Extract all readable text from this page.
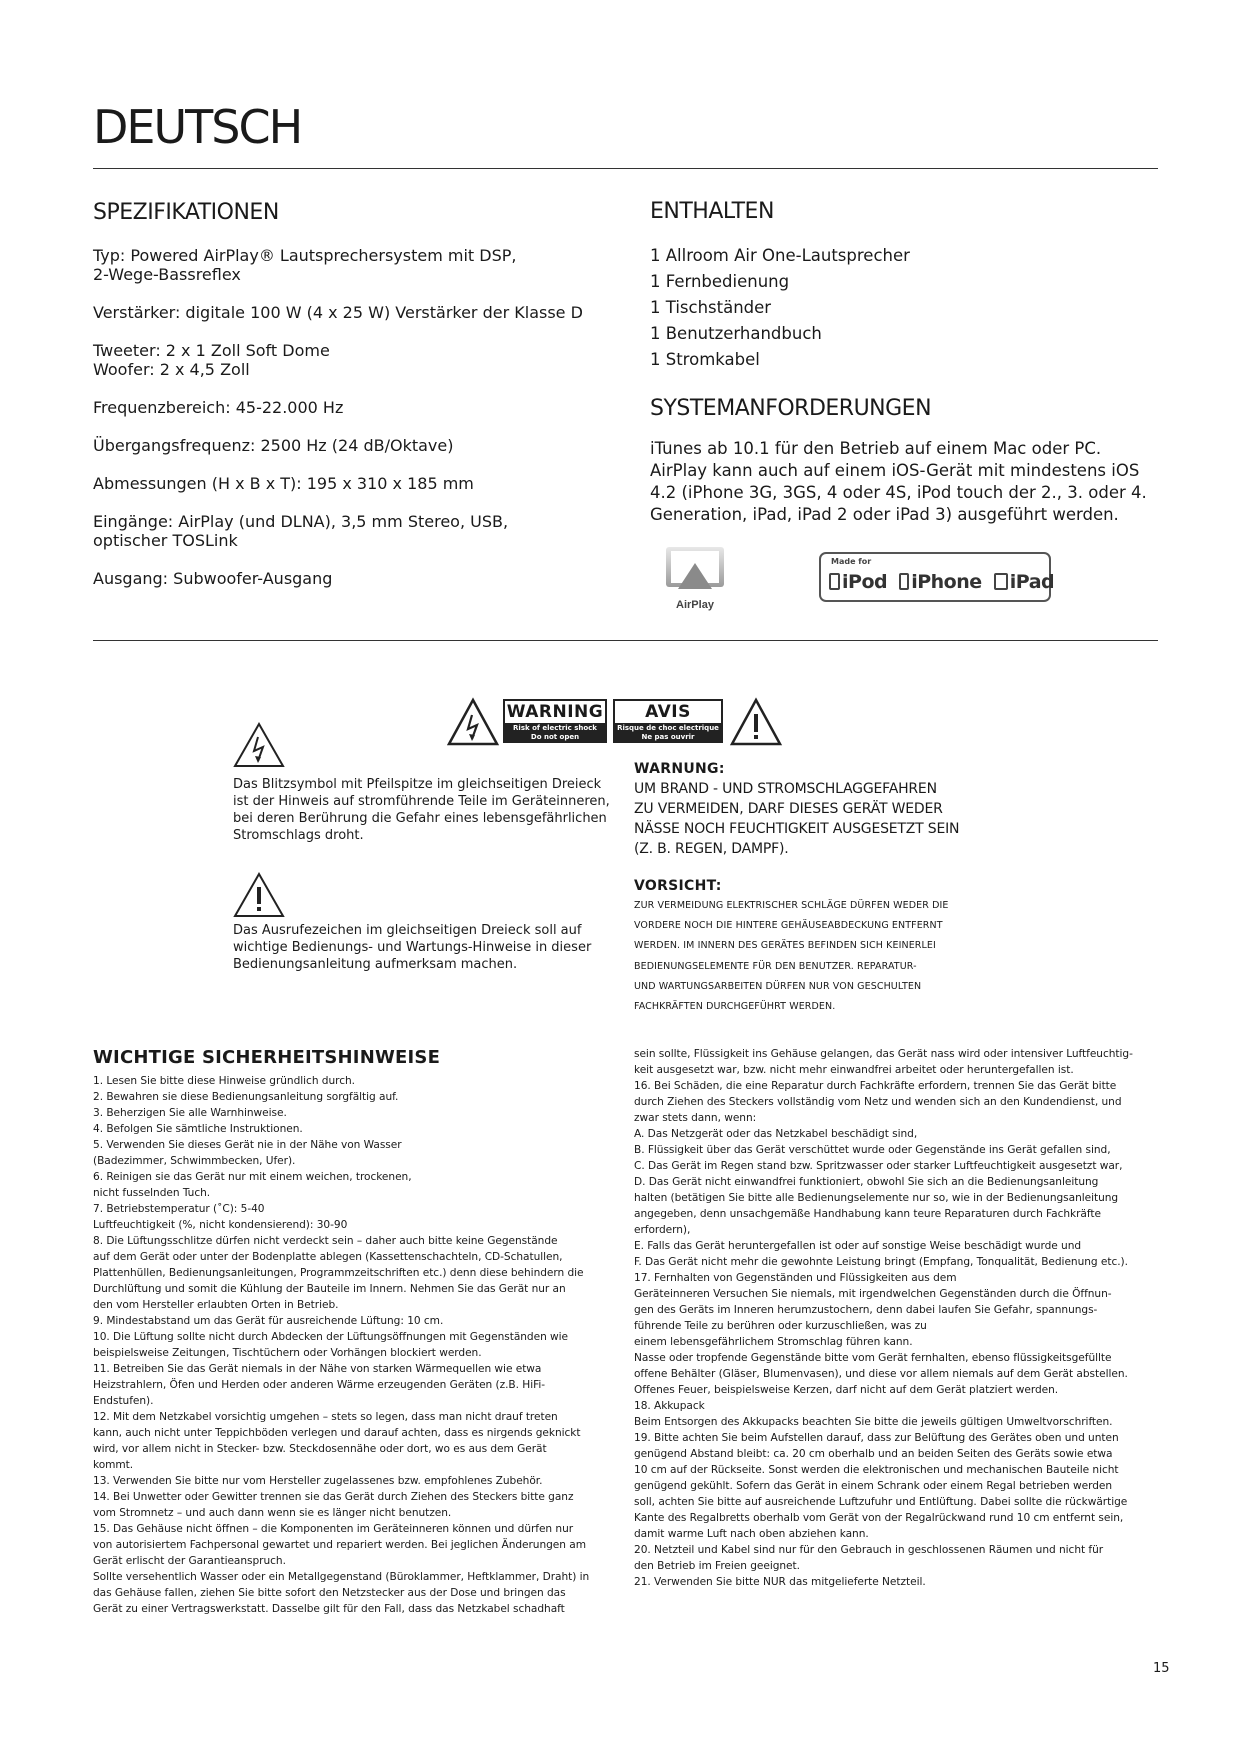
DEUTSCH
SPEZIFIKATIONEN

Typ: Powered AirPlay® Lautsprechersystem mit DSP,
2-Wege-Bassreflex

Verstärker: digitale 100 W (4 x 25 W) Verstärker der Klasse D

Tweeter: 2 x 1 Zoll Soft Dome
Woofer: 2 x 4,5 Zoll

Frequenzbereich: 45-22.000 Hz

Übergangsfrequenz: 2500 Hz (24 dB/Oktave)

Abmessungen (H x B x T): 195 x 310 x 185 mm

Eingänge: AirPlay (und DLNA), 3,5 mm Stereo, USB,
optischer TOSLink

Ausgang: Subwoofer-Ausgang

ENTHALTEN
1 Allroom Air One-Lautsprecher
1 Fernbedienung
1 Tischständer
1 Benutzerhandbuch
1 Stromkabel
SYSTEMANFORDERUNGEN
iTunes ab 10.1 für den Betrieb auf einem Mac oder PC. AirPlay kann auch auf einem iOS-Gerät mit mindestens iOS 4.2 (iPhone 3G, 3GS, 4 oder 4S, iPod touch der 2., 3. oder 4. Generation, iPad, iPad 2 oder iPad 3) ausgeführt werden.
AirPlay
Made for
iPod iPhone iPad
WARNING
Risk of electric shock
Do not open
AVIS
Risque de choc electrique
Ne pas ouvrir
Das Blitzsymbol mit Pfeilspitze im gleichseitigen Dreieck ist der Hinweis auf stromführende Teile im Geräteinneren, bei deren Berührung die Gefahr eines lebensgefährlichen Stromschlags droht.
Das Ausrufezeichen im gleichseitigen Dreieck soll auf wichtige Bedienungs- und Wartungs-Hinweise in dieser Bedienungsanleitung aufmerksam machen.
WARNUNG:
UM BRAND - UND STROMSCHLAGGEFAHREN
ZU VERMEIDEN, DARF DIESES GERÄT WEDER
NÄSSE NOCH FEUCHTIGKEIT AUSGESETZT SEIN
(Z. B. REGEN, DAMPF).
VORSICHT:
ZUR VERMEIDUNG ELEKTRISCHER SCHLÄGE DÜRFEN WEDER DIE
VORDERE NOCH DIE HINTERE GEHÄUSEABDECKUNG ENTFERNT
WERDEN. IM INNERN DES GERÄTES BEFINDEN SICH KEINERLEI
BEDIENUNGSELEMENTE FÜR DEN BENUTZER. REPARATUR-
UND WARTUNGSARBEITEN DÜRFEN NUR VON GESCHULTEN
FACHKRÄFTEN DURCHGEFÜHRT WERDEN.
WICHTIGE SICHERHEITSHINWEISE
1. Lesen Sie bitte diese Hinweise gründlich durch.
2. Bewahren sie diese Bedienungsanleitung sorgfältig auf.
3. Beherzigen Sie alle Warnhinweise.
4. Befolgen Sie sämtliche Instruktionen.
5. Verwenden Sie dieses Gerät nie in der Nähe von Wasser
(Badezimmer, Schwimmbecken, Ufer).
6. Reinigen sie das Gerät nur mit einem weichen, trockenen,
nicht fusselnden Tuch.
7. Betriebstemperatur (˚C): 5-40
Luftfeuchtigkeit (%, nicht kondensierend): 30-90
8. Die Lüftungsschlitze dürfen nicht verdeckt sein – daher auch bitte keine Gegenstände
auf dem Gerät oder unter der Bodenplatte ablegen (Kassettenschachteln, CD-Schatullen,
Plattenhüllen, Bedienungsanleitungen, Programmzeitschriften etc.) denn diese behindern die
Durchlüftung und somit die Kühlung der Bauteile im Innern. Nehmen Sie das Gerät nur an
den vom Hersteller erlaubten Orten in Betrieb.
9. Mindestabstand um das Gerät für ausreichende Lüftung: 10 cm.
10. Die Lüftung sollte nicht durch Abdecken der Lüftungsöffnungen mit Gegenständen wie
beispielsweise Zeitungen, Tischtüchern oder Vorhängen blockiert werden.
11. Betreiben Sie das Gerät niemals in der Nähe von starken Wärmequellen wie etwa
Heizstrahlern, Öfen und Herden oder anderen Wärme erzeugenden Geräten (z.B. HiFi-
Endstufen).
12. Mit dem Netzkabel vorsichtig umgehen – stets so legen, dass man nicht drauf treten
kann, auch nicht unter Teppichböden verlegen und darauf achten, dass es nirgends geknickt
wird, vor allem nicht in Stecker- bzw. Steckdosennähe oder dort, wo es aus dem Gerät
kommt.
13. Verwenden Sie bitte nur vom Hersteller zugelassenes bzw. empfohlenes Zubehör.
14. Bei Unwetter oder Gewitter trennen sie das Gerät durch Ziehen des Steckers bitte ganz
vom Stromnetz – und auch dann wenn sie es länger nicht benutzen.
15. Das Gehäuse nicht öffnen – die Komponenten im Geräteinneren können und dürfen nur
von autorisiertem Fachpersonal gewartet und repariert werden. Bei jeglichen Änderungen am
Gerät erlischt der Garantieanspruch.
Sollte versehentlich Wasser oder ein Metallgegenstand (Büroklammer, Heftklammer, Draht) in
das Gehäuse fallen, ziehen Sie bitte sofort den Netzstecker aus der Dose und bringen das
Gerät zu einer Vertragswerkstatt. Dasselbe gilt für den Fall, dass das Netzkabel schadhaft
sein sollte, Flüssigkeit ins Gehäuse gelangen, das Gerät nass wird oder intensiver Luftfeuchtig-
keit ausgesetzt war, bzw. nicht mehr einwandfrei arbeitet oder heruntergefallen ist.
16. Bei Schäden, die eine Reparatur durch Fachkräfte erfordern, trennen Sie das Gerät bitte
durch Ziehen des Steckers vollständig vom Netz und wenden sich an den Kundendienst, und
zwar stets dann, wenn:
A. Das Netzgerät oder das Netzkabel beschädigt sind,
B. Flüssigkeit über das Gerät verschüttet wurde oder Gegenstände ins Gerät gefallen sind,
C. Das Gerät im Regen stand bzw. Spritzwasser oder starker Luftfeuchtigkeit ausgesetzt war,
D. Das Gerät nicht einwandfrei funktioniert, obwohl Sie sich an die Bedienungsanleitung
halten (betätigen Sie bitte alle Bedienungselemente nur so, wie in der Bedienungsanleitung
angegeben, denn unsachgemäße Handhabung kann teure Reparaturen durch Fachkräfte
erfordern),
E. Falls das Gerät heruntergefallen ist oder auf sonstige Weise beschädigt wurde und
F. Das Gerät nicht mehr die gewohnte Leistung bringt (Empfang, Tonqualität, Bedienung etc.).
17. Fernhalten von Gegenständen und Flüssigkeiten aus dem
Geräteinneren Versuchen Sie niemals, mit irgendwelchen Gegenständen durch die Öffnun-
gen des Geräts im Inneren herumzustochern, denn dabei laufen Sie Gefahr, spannungs-
führende Teile zu berühren oder kurzuschließen, was zu
einem lebensgefährlichem Stromschlag führen kann.
Nasse oder tropfende Gegenstände bitte vom Gerät fernhalten, ebenso flüssigkeitsgefüllte
offene Behälter (Gläser, Blumenvasen), und diese vor allem niemals auf dem Gerät abstellen.
Offenes Feuer, beispielsweise Kerzen, darf nicht auf dem Gerät platziert werden.
18. Akkupack
Beim Entsorgen des Akkupacks beachten Sie bitte die jeweils gültigen Umweltvorschriften.
19. Bitte achten Sie beim Aufstellen darauf, dass zur Belüftung des Gerätes oben und unten
genügend Abstand bleibt: ca. 20 cm oberhalb und an beiden Seiten des Geräts sowie etwa
10 cm auf der Rückseite. Sonst werden die elektronischen und mechanischen Bauteile nicht
genügend gekühlt. Sofern das Gerät in einem Schrank oder einem Regal betrieben werden
soll, achten Sie bitte auf ausreichende Luftzufuhr und Entlüftung. Dabei sollte die rückwärtige
Kante des Regalbretts oberhalb vom Gerät von der Regalrückwand rund 10 cm entfernt sein,
damit warme Luft nach oben abziehen kann.
20. Netzteil und Kabel sind nur für den Gebrauch in geschlossenen Räumen und nicht für
den Betrieb im Freien geeignet.
21. Verwenden Sie bitte NUR das mitgelieferte Netzteil.
15
